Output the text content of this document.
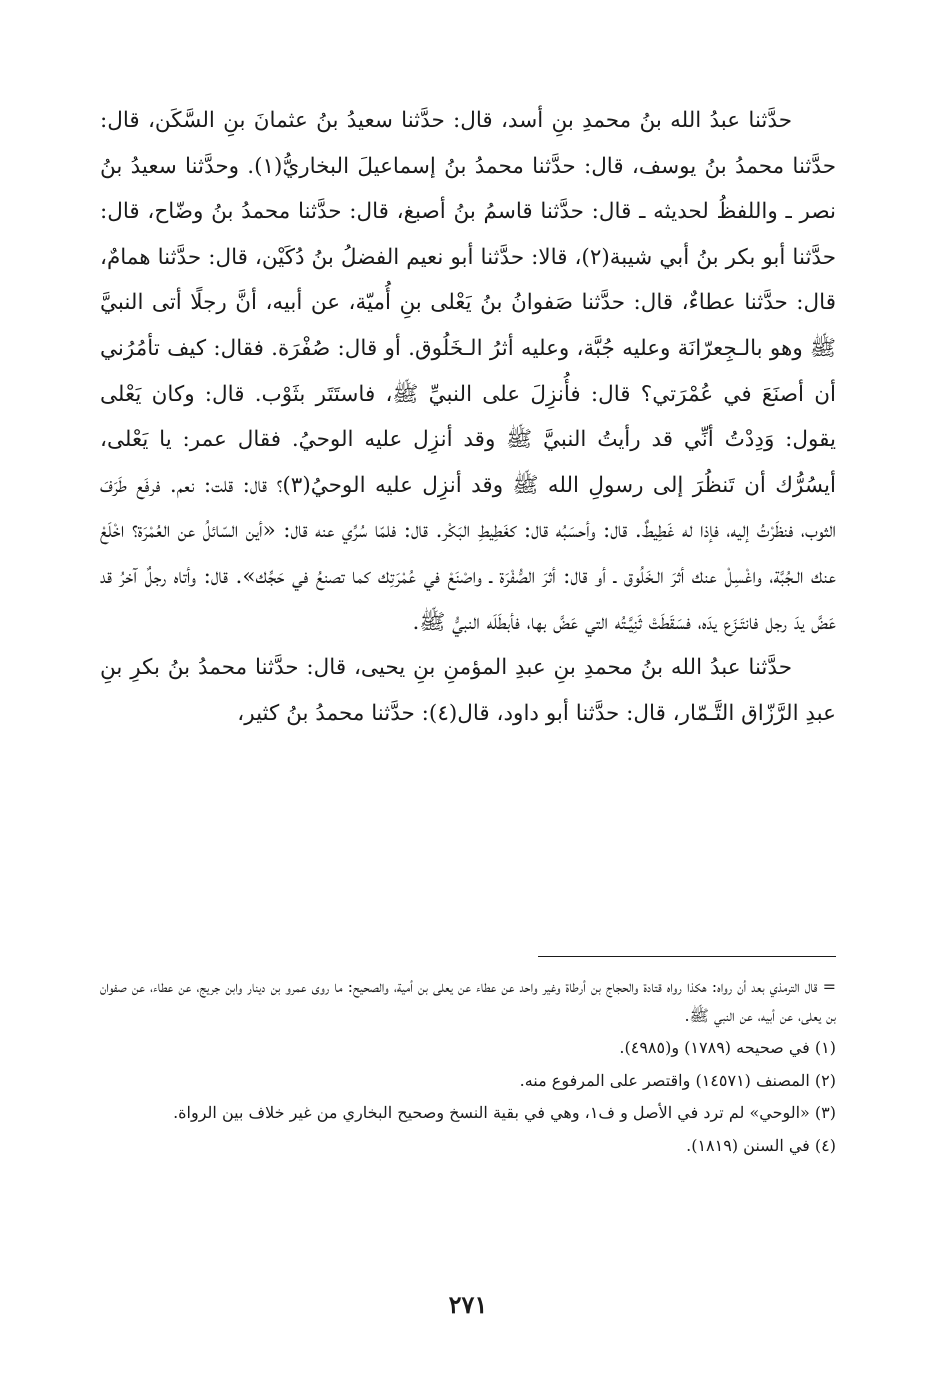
حدَّثنا عبدُ الله بنُ محمدِ بنِ أسد، قال: حدَّثنا سعيدُ بنُ عثمانَ بنِ السَّكَن، قال: حدَّثنا محمدُ بنُ يوسف، قال: حدَّثنا محمدُ بنُ إسماعيلَ البخاريُّ(١). وحدَّثنا سعيدُ بنُ نصر ـ واللفظُ لحديثه ـ قال: حدَّثنا قاسمُ بنُ أصبغ، قال: حدَّثنا محمدُ بنُ وضّاح، قال: حدَّثنا أبو بكر بنُ أبي شيبة(٢)، قالا: حدَّثنا أبو نعيم الفضلُ بنُ دُكَيْن، قال: حدَّثنا همامٌ، قال: حدَّثنا عطاءٌ، قال: حدَّثنا صَفوانُ بنُ يَعْلى بنِ أُميّة، عن أبيه، أنَّ رجلًا أتى النبيَّ ﷺ وهو بالـجِعرّانَة وعليه جُبَّة، وعليه أثرُ الـخَلُوق. أو قال: صُفْرَة. فقال: كيف تأمُرُني أن أصنَعَ في عُمْرَتي؟ قال: فأُنزِلَ على النبيِّ ﷺ، فاستَتَر بثَوْب. قال: وكان يَعْلى يقول: وَدِدْتُ أنِّي قد رأيتُ النبيَّ ﷺ وقد أنزِل عليه الوحيُ. فقال عمر: يا يَعْلى، أيسُرُّك أن تَنظُرَ إلى رسولِ الله ﷺ وقد أنزِل عليه الوحيُ(٣)؟ قال: قلت: نعم. فرفَع طَرَفَ الثوب، فنظَرْتُ إليه، فإذا له غَطِيطٌ. قال: وأحسَبُه قال: كغَطِيطِ البَكْر. قال: فلمّا سُرِّي عنه قال: «أين السّائلُ عن العُمْرَة؟ اخْلَعْ عنك الـجُبَّة، واغْسِلْ عنك أثرَ الـخَلُوق ـ أو قال: أثرَ الصُّفْرَة ـ واصْنَعْ في عُمْرَتِك كما تصنعُ في حَجِّك». قال: وأتاه رجلٌ آخرُ قد عَضَّ يدَ رجل فانتَـزَع يدَه، فسَقَطَتْ ثَنِيَّـتُه التي عَضَّ بها، فأبطَلَه النبيُّ ﷺ.

حدَّثنا عبدُ الله بنُ محمدِ بنِ عبدِ المؤمنِ بنِ يحيى، قال: حدَّثنا محمدُ بنُ بكرِ بنِ عبدِ الرَّزّاق التَّـمّار، قال: حدَّثنا أبو داود، قال(٤): حدَّثنا محمدُ بنُ كثير،

= قال الترمذي بعد أن رواه: هكذا رواه قتادة والحجاج بن أرطاة وغير واحد عن عطاء عن يعلى بن أمية، والصحيح: ما روى عمرو بن دينار وابن جريج، عن عطاء، عن صفوان بن يعلى، عن أبيه، عن النبي ﷺ.

(١) في صحيحه (١٧٨٩) و(٤٩٨٥).

(٢) المصنف (١٤٥٧١) واقتصر على المرفوع منه.

(٣) «الوحي» لم ترد في الأصل و ف١، وهي في بقية النسخ وصحيح البخاري من غير خلاف بين الرواة.

(٤) في السنن (١٨١٩).

٢٧١
